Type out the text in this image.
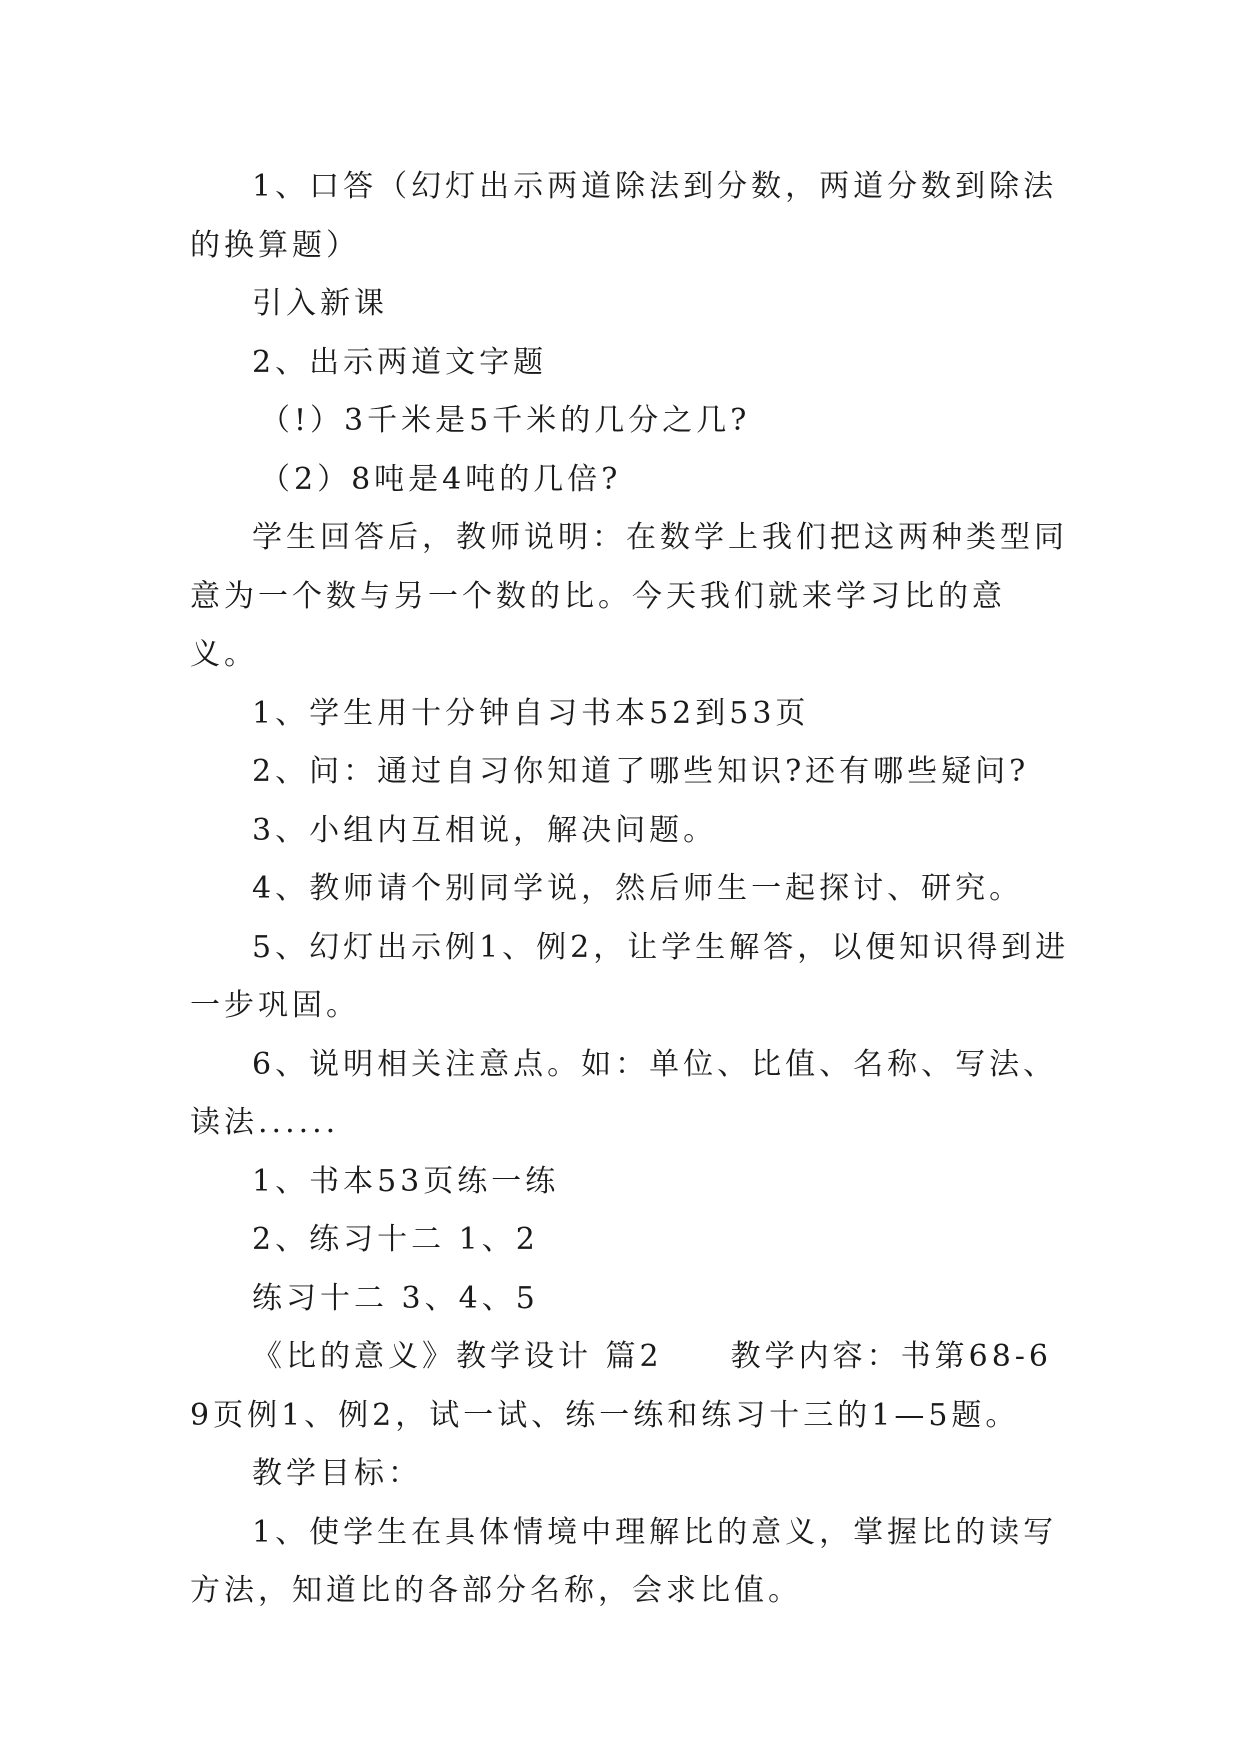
1、口答（幻灯出示两道除法到分数，两道分数到除法的换算题）

引入新课

2、出示两道文字题

（!）3千米是5千米的几分之几?

（2）8吨是4吨的几倍?

学生回答后，教师说明：在数学上我们把这两种类型同意为一个数与另一个数的比。今天我们就来学习比的意义。

1、学生用十分钟自习书本52到53页

2、问：通过自习你知道了哪些知识?还有哪些疑问?

3、小组内互相说，解决问题。

4、教师请个别同学说，然后师生一起探讨、研究。

5、幻灯出示例1、例2，让学生解答，以便知识得到进一步巩固。

6、说明相关注意点。如：单位、比值、名称、写法、读法......

1、书本53页练一练

2、练习十二 1、2

练习十二 3、4、5

《比的意义》教学设计 篇2　　教学内容：书第68-69页例1、例2，试一试、练一练和练习十三的1—5题。

教学目标：

1、使学生在具体情境中理解比的意义，掌握比的读写方法，知道比的各部分名称，会求比值。
